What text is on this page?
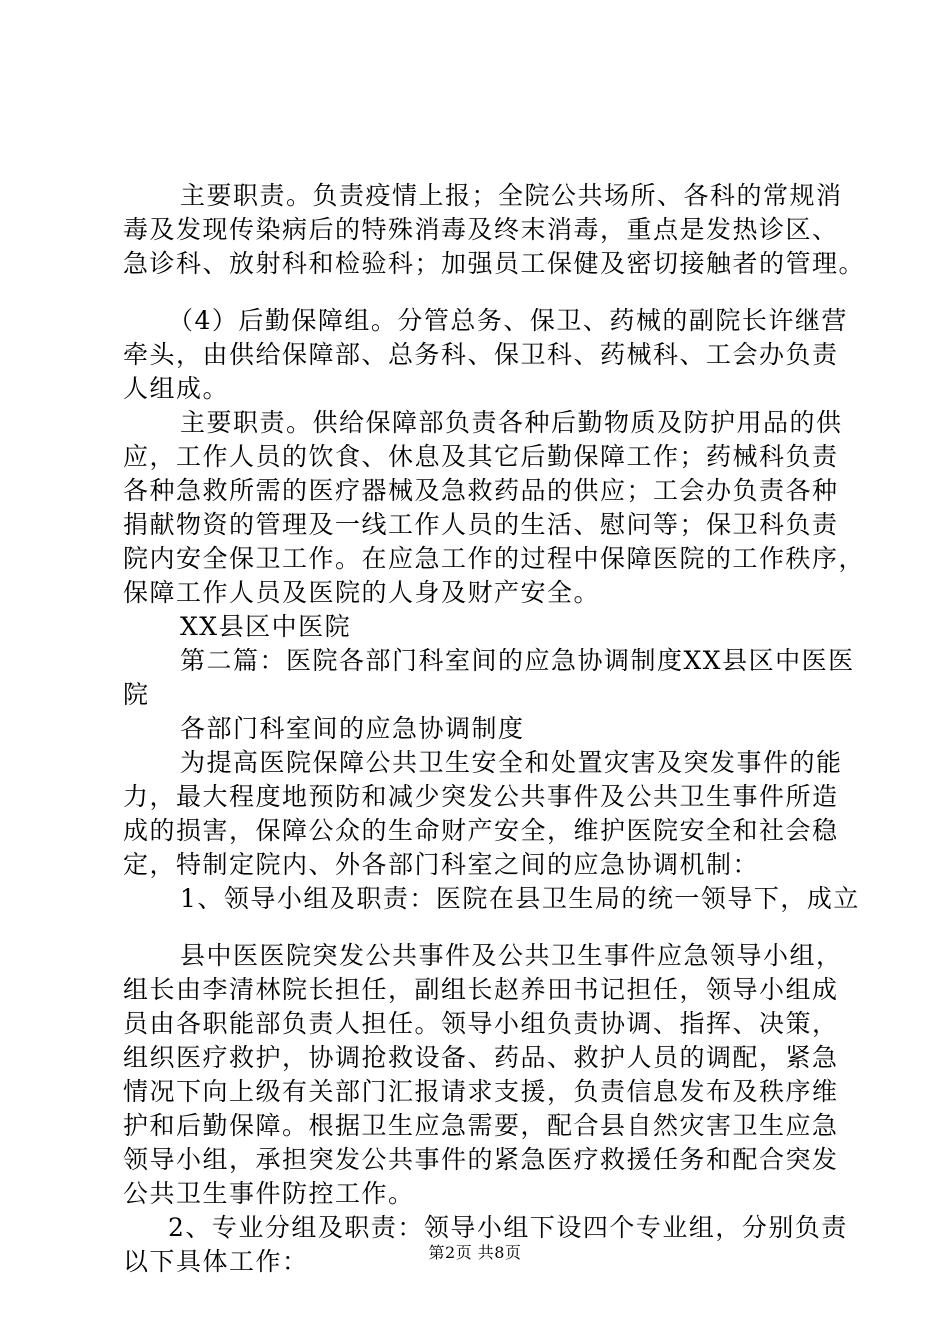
主要职责。负责疫情上报；全院公共场所、各科的常规消
毒及发现传染病后的特殊消毒及终末消毒，重点是发热诊区、
急诊科、放射科和检验科；加强员工保健及密切接触者的管理。
（4）后勤保障组。分管总务、保卫、药械的副院长许继营
牵头，由供给保障部、总务科、保卫科、药械科、工会办负责
人组成。
主要职责。供给保障部负责各种后勤物质及防护用品的供
应，工作人员的饮食、休息及其它后勤保障工作；药械科负责
各种急救所需的医疗器械及急救药品的供应；工会办负责各种
捐献物资的管理及一线工作人员的生活、慰问等；保卫科负责
院内安全保卫工作。在应急工作的过程中保障医院的工作秩序，
保障工作人员及医院的人身及财产安全。
XX县区中医院
第二篇：医院各部门科室间的应急协调制度XX县区中医医
院
各部门科室间的应急协调制度
为提高医院保障公共卫生安全和处置灾害及突发事件的能
力，最大程度地预防和减少突发公共事件及公共卫生事件所造
成的损害，保障公众的生命财产安全，维护医院安全和社会稳
定，特制定院内、外各部门科室之间的应急协调机制：
1、领导小组及职责：医院在县卫生局的统一领导下，成立
县中医医院突发公共事件及公共卫生事件应急领导小组，
组长由李清林院长担任，副组长赵养田书记担任，领导小组成
员由各职能部负责人担任。领导小组负责协调、指挥、决策，
组织医疗救护，协调抢救设备、药品、救护人员的调配，紧急
情况下向上级有关部门汇报请求支援，负责信息发布及秩序维
护和后勤保障。根据卫生应急需要，配合县自然灾害卫生应急
领导小组，承担突发公共事件的紧急医疗救援任务和配合突发
公共卫生事件防控工作。
2、专业分组及职责：领导小组下设四个专业组，分别负责
以下具体工作：	第2页 共8页
